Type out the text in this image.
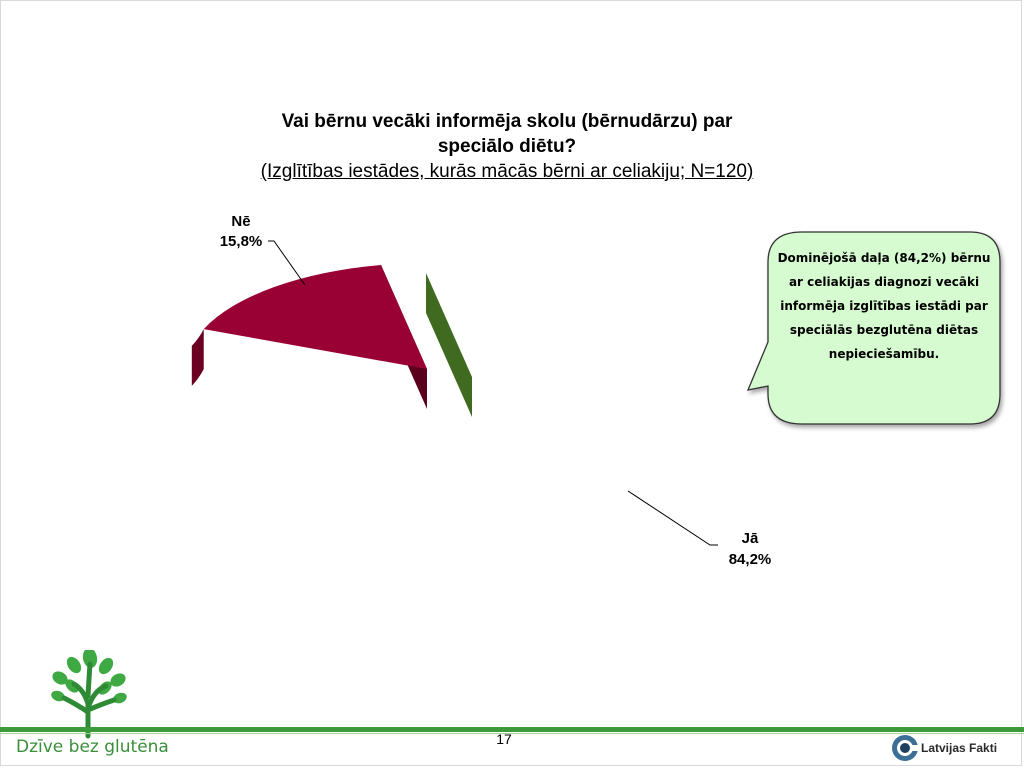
Vai bērnu vecāki informēja skolu (bērnudārzu) par
speciālo diētu?
(Izglītības iestādes, kurās mācās bērni ar celiakiju; N=120)
Nē
15,8%
Jā
84,2%
Dominējošā daļa (84,2%) bērnu ar celiakijas diagnozi vecāki informēja izglītības iestādi par speciālās bezglutēna diētas nepieciešamību.
Dzīve bez glutēna	17
Latvijas Fakti
